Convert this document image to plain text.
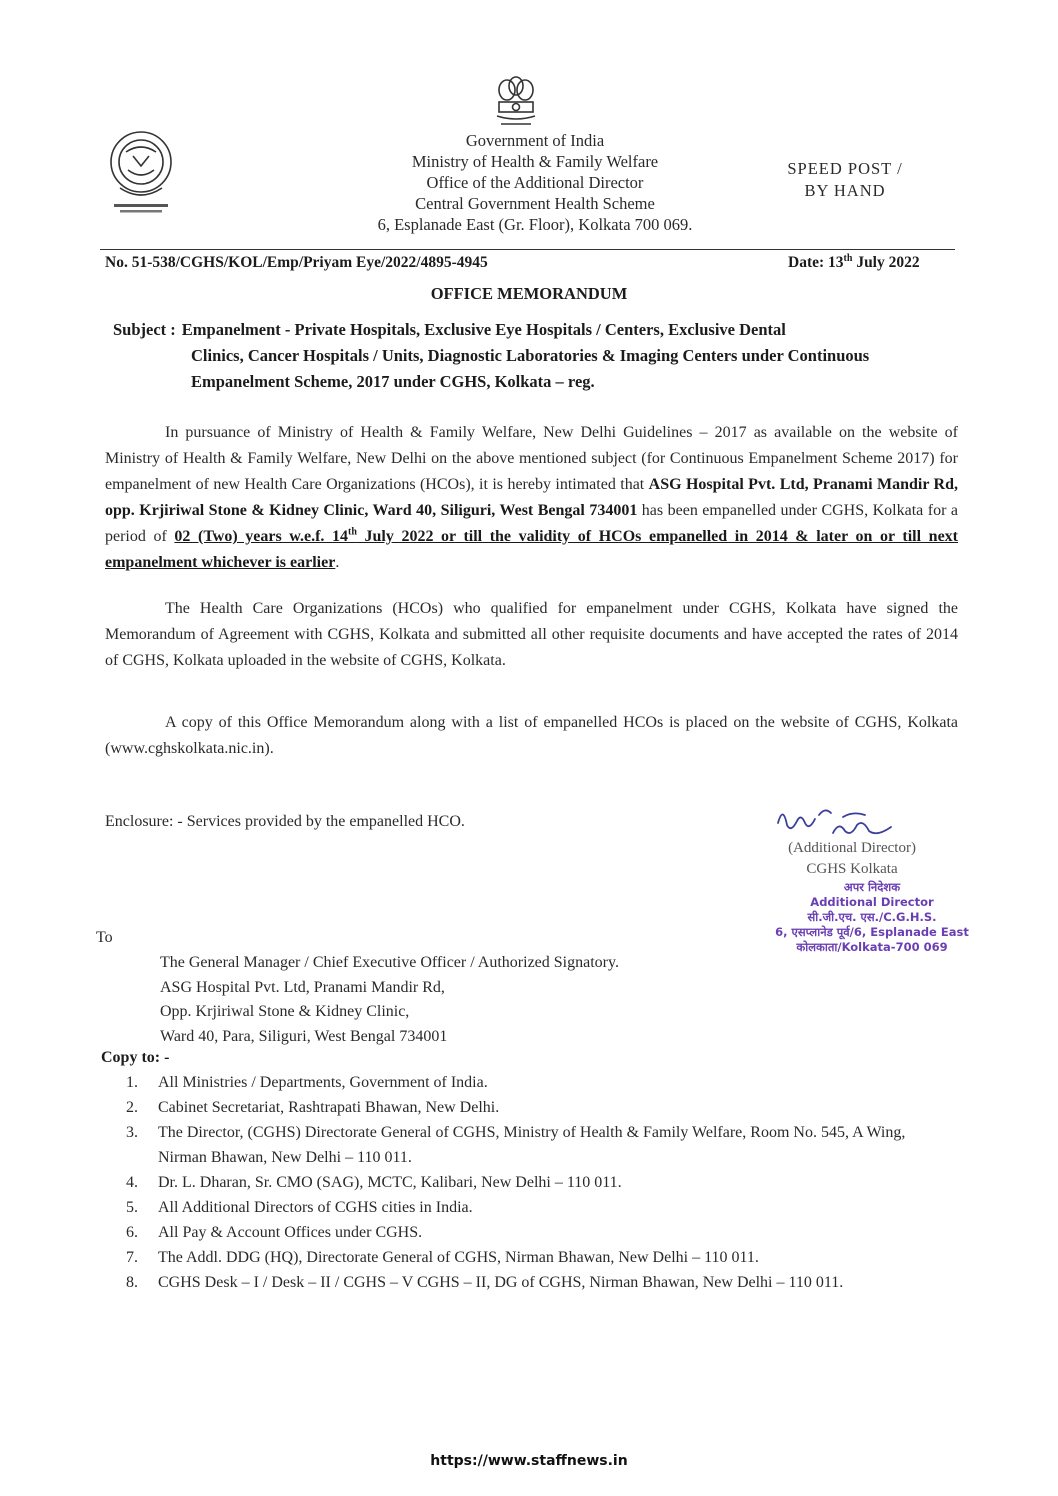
Government of India
Ministry of Health & Family Welfare
Office of the Additional Director
Central Government Health Scheme
6, Esplanade East (Gr. Floor), Kolkata 700 069.
SPEED POST /
BY HAND
No. 51-538/CGHS/KOL/Emp/Priyam Eye/2022/4895-4945	Date: 13th July 2022
OFFICE MEMORANDUM
Subject : Empanelment - Private Hospitals, Exclusive Eye Hospitals / Centers, Exclusive Dental
Clinics, Cancer Hospitals / Units, Diagnostic Laboratories & Imaging Centers under Continuous Empanelment Scheme, 2017 under CGHS, Kolkata – reg.
In pursuance of Ministry of Health & Family Welfare, New Delhi Guidelines – 2017 as available on the website of Ministry of Health & Family Welfare, New Delhi on the above mentioned subject (for Continuous Empanelment Scheme 2017) for empanelment of new Health Care Organizations (HCOs), it is hereby intimated that ASG Hospital Pvt. Ltd, Pranami Mandir Rd, opp. Krjiriwal Stone & Kidney Clinic, Ward 40, Siliguri, West Bengal 734001 has been empanelled under CGHS, Kolkata for a period of 02 (Two) years w.e.f. 14th July 2022 or till the validity of HCOs empanelled in 2014 & later on or till next empanelment whichever is earlier.
The Health Care Organizations (HCOs) who qualified for empanelment under CGHS, Kolkata have signed the Memorandum of Agreement with CGHS, Kolkata and submitted all other requisite documents and have accepted the rates of 2014 of CGHS, Kolkata uploaded in the website of CGHS, Kolkata.
A copy of this Office Memorandum along with a list of empanelled HCOs is placed on the website of CGHS, Kolkata (www.cghskolkata.nic.in).
Enclosure: - Services provided by the empanelled HCO.
(Additional Director)
CGHS Kolkata
अपर निदेशक
Additional Director
सी.जी.एच. एस./C.G.H.S.
6, एसप्लानेड पूर्व/6, Esplanade East
कोलकाता/Kolkata-700 069
To
The General Manager / Chief Executive Officer / Authorized Signatory.
ASG Hospital Pvt. Ltd, Pranami Mandir Rd,
Opp. Krjiriwal Stone & Kidney Clinic,
Ward 40, Para, Siliguri, West Bengal 734001
Copy to: -
1.	All Ministries / Departments, Government of India.
2.	Cabinet Secretariat, Rashtrapati Bhawan, New Delhi.
3.	The Director, (CGHS) Directorate General of CGHS, Ministry of Health & Family Welfare, Room No. 545, A Wing, Nirman Bhawan, New Delhi – 110 011.
4.	Dr. L. Dharan, Sr. CMO (SAG), MCTC, Kalibari, New Delhi – 110 011.
5.	All Additional Directors of CGHS cities in India.
6.	All Pay & Account Offices under CGHS.
7.	The Addl. DDG (HQ), Directorate General of CGHS, Nirman Bhawan, New Delhi – 110 011.
8.	CGHS Desk – I / Desk – II / CGHS – V CGHS – II, DG of CGHS, Nirman Bhawan, New Delhi – 110 011.
https://www.staffnews.in
